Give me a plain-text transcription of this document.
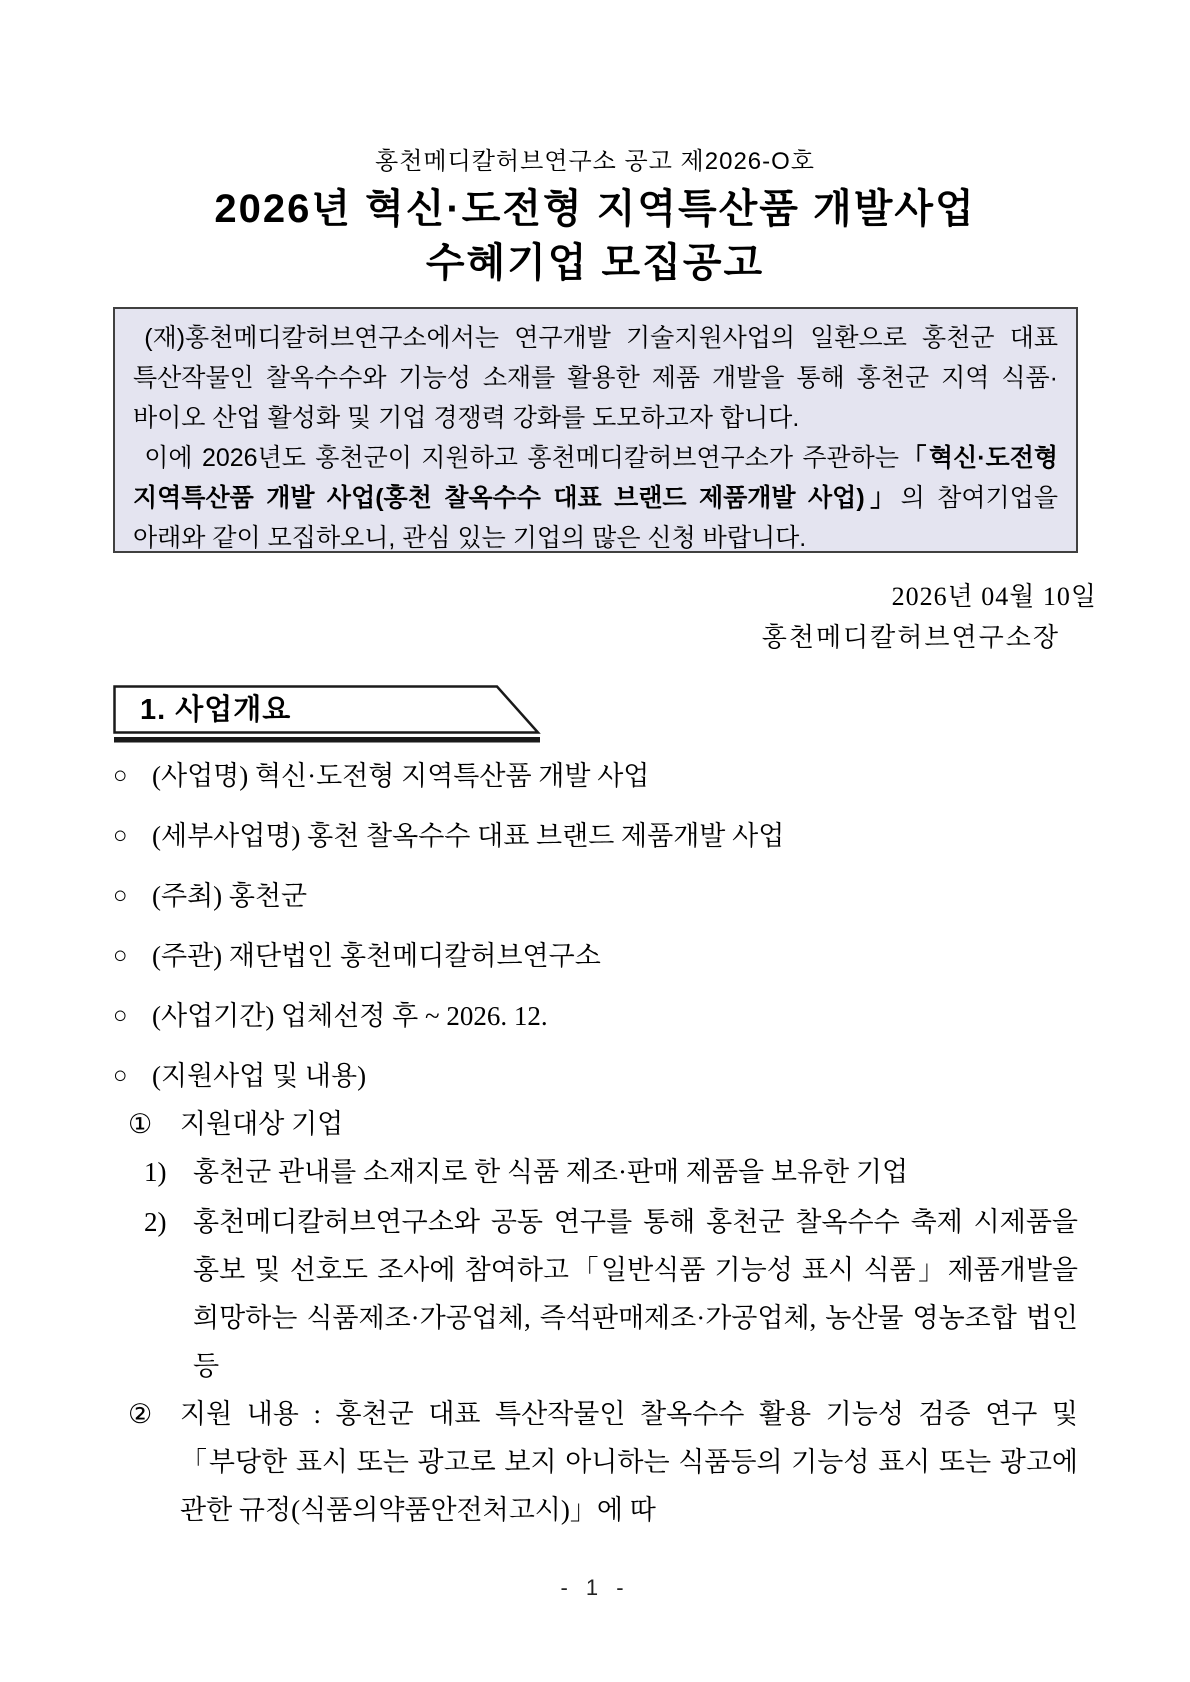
홍천메디칼허브연구소 공고 제2026-O호
2026년 혁신·도전형 지역특산품 개발사업
수혜기업 모집공고

(재)홍천메디칼허브연구소에서는 연구개발 기술지원사업의 일환으로 홍천군 대표 특산작물인 찰옥수수와 기능성 소재를 활용한 제품 개발을 통해 홍천군 지역 식품·바이오 산업 활성화 및 기업 경쟁력 강화를 도모하고자 합니다.

이에 2026년도 홍천군이 지원하고 홍천메디칼허브연구소가 주관하는「혁신·도전형 지역특산품 개발 사업(홍천 찰옥수수 대표 브랜드 제품개발 사업)」의 참여기업을 아래와 같이 모집하오니, 관심 있는 기업의 많은 신청 바랍니다.

2026년 04월 10일
홍천메디칼허브연구소장
1. 사업개요
○ (사업명) 혁신·도전형 지역특산품 개발 사업
○ (세부사업명) 홍천 찰옥수수 대표 브랜드 제품개발 사업
○ (주최) 홍천군
○ (주관) 재단법인 홍천메디칼허브연구소
○ (사업기간) 업체선정 후 ~ 2026. 12.
○ (지원사업 및 내용)
①	지원대상 기업
1) 홍천군 관내를 소재지로 한 식품 제조·판매 제품을 보유한 기업
2) 홍천메디칼허브연구소와 공동 연구를 통해 홍천군 찰옥수수 축제 시제품을 홍보 및 선호도 조사에 참여하고「일반식품 기능성 표시 식품」제품개발을 희망하는 식품제조·가공업체, 즉석판매제조·가공업체, 농산물 영농조합 법인 등
②	지원 내용 : 홍천군 대표 특산작물인 찰옥수수 활용 기능성 검증 연구 및 「부당한 표시 또는 광고로 보지 아니하는 식품등의 기능성 표시 또는 광고에 관한 규정(식품의약품안전처고시)」에 따
- 1 -
